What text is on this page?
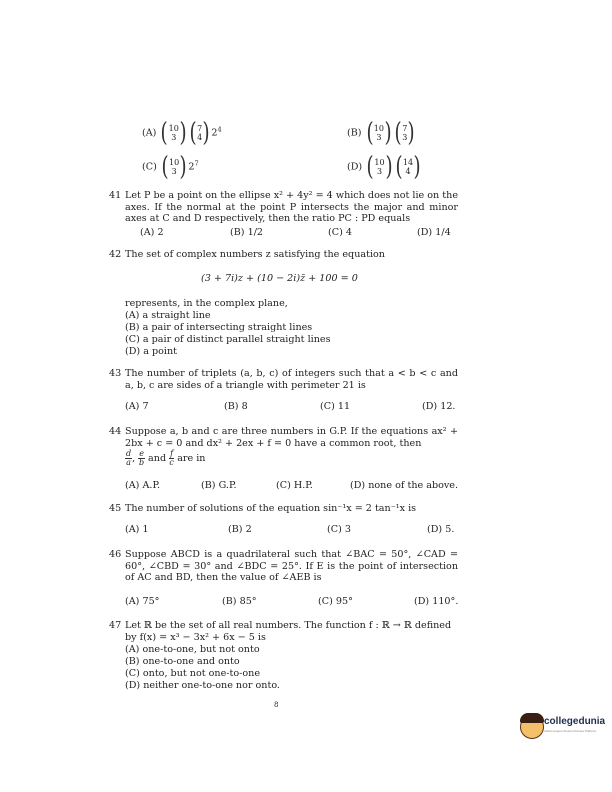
(A) ( 10
3 ) ( 7
4 ) $2^4$	(B) ( 10
3 ) ( 7
3 )
(C) ( 10
3 ) $2^7$	(D) ( 10
3 ) ( 14
4 )
41 Let P be a point on the ellipse x² + 4y² = 4 which does not lie on the axes. If the normal at the point P intersects the major and minor axes at C and D respectively, then the ratio PC : PD equals
(A) 2	(B) 1/2	(C) 4	(D) 1/4
42 The set of complex numbers z satisfying the equation
(3 + 7i)z + (10 − 2i)z̄ + 100 = 0
represents, in the complex plane,
(A) a straight line
(B) a pair of intersecting straight lines
(C) a pair of distinct parallel straight lines
(D) a point
43 The number of triplets (a, b, c) of integers such that a < b < c and a, b, c are sides of a triangle with perimeter 21 is
(A) 7	(B) 8	(C) 11	(D) 12.
44 Suppose a, b and c are three numbers in G.P. If the equations ax² + 2bx + c = 0 and dx² + 2ex + f = 0 have a common root, then
$\frac{d}{a}$ , $\frac{e}{b}$ and $\frac{f}{c}$ are in
(A) A.P.	(B) G.P.	(C) H.P.	(D) none of the above.
45 The number of solutions of the equation sin⁻¹x = 2 tan⁻¹x is
(A) 1	(B) 2	(C) 3	(D) 5.
46 Suppose ABCD is a quadrilateral such that ∠BAC = 50°, ∠CAD = 60°, ∠CBD = 30° and ∠BDC = 25°. If E is the point of intersection of AC and BD, then the value of ∠AEB is
(A) 75°	(B) 85°	(C) 95°	(D) 110°.
47 Let ℝ be the set of all real numbers. The function f : ℝ → ℝ defined
by f(x) = x³ − 3x² + 6x − 5 is
(A) one-to-one, but not onto
(B) one-to-one and onto
(C) onto, but not one-to-one
(D) neither one-to-one nor onto.
8
collegedunia
India's largest Student Review Platform
